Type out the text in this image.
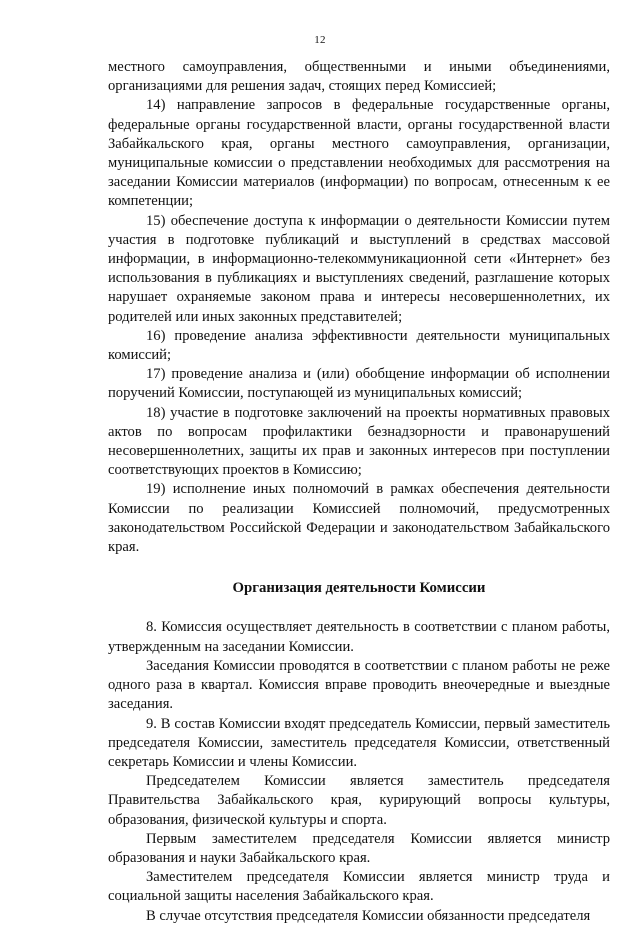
12

местного самоуправления, общественными и иными объединениями, организациями для решения задач, стоящих перед Комиссией;

14) направление запросов в федеральные государственные органы, федеральные органы государственной власти, органы государственной власти Забайкальского края, органы местного самоуправления, организации, муниципальные комиссии о представлении необходимых для рассмотрения на заседании Комиссии материалов (информации) по вопросам, отнесенным к ее компетенции;

15) обеспечение доступа к информации о деятельности Комиссии путем участия в подготовке публикаций и выступлений в средствах массовой информации, в информационно-телекоммуникационной сети «Интернет» без использования в публикациях и выступлениях сведений, разглашение которых нарушает охраняемые законом права и интересы несовершеннолетних, их родителей или иных законных представителей;

16) проведение анализа эффективности деятельности муниципальных комиссий;

17) проведение анализа и (или) обобщение информации об исполнении поручений Комиссии, поступающей из муниципальных комиссий;

18) участие в подготовке заключений на проекты нормативных правовых актов по вопросам профилактики безнадзорности и правонарушений несовершеннолетних, защиты их прав и законных интересов при поступлении соответствующих проектов в Комиссию;

19) исполнение иных полномочий в рамках обеспечения деятельности Комиссии по реализации Комиссией полномочий, предусмотренных законодательством Российской Федерации и законодательством Забайкальского края.

Организация деятельности Комиссии

8. Комиссия осуществляет деятельность в соответствии с планом работы, утвержденным на заседании Комиссии.

Заседания Комиссии проводятся в соответствии с планом работы не реже одного раза в квартал. Комиссия вправе проводить внеочередные и выездные заседания.

9. В состав Комиссии входят председатель Комиссии, первый заместитель председателя Комиссии, заместитель председателя Комиссии, ответственный секретарь Комиссии и члены Комиссии.

Председателем Комиссии является заместитель председателя Правительства Забайкальского края, курирующий вопросы культуры, образования, физической культуры и спорта.

Первым заместителем председателя Комиссии является министр образования и науки Забайкальского края.

Заместителем председателя Комиссии является министр труда и социальной защиты населения Забайкальского края.

В случае отсутствия председателя Комиссии обязанности председателя
